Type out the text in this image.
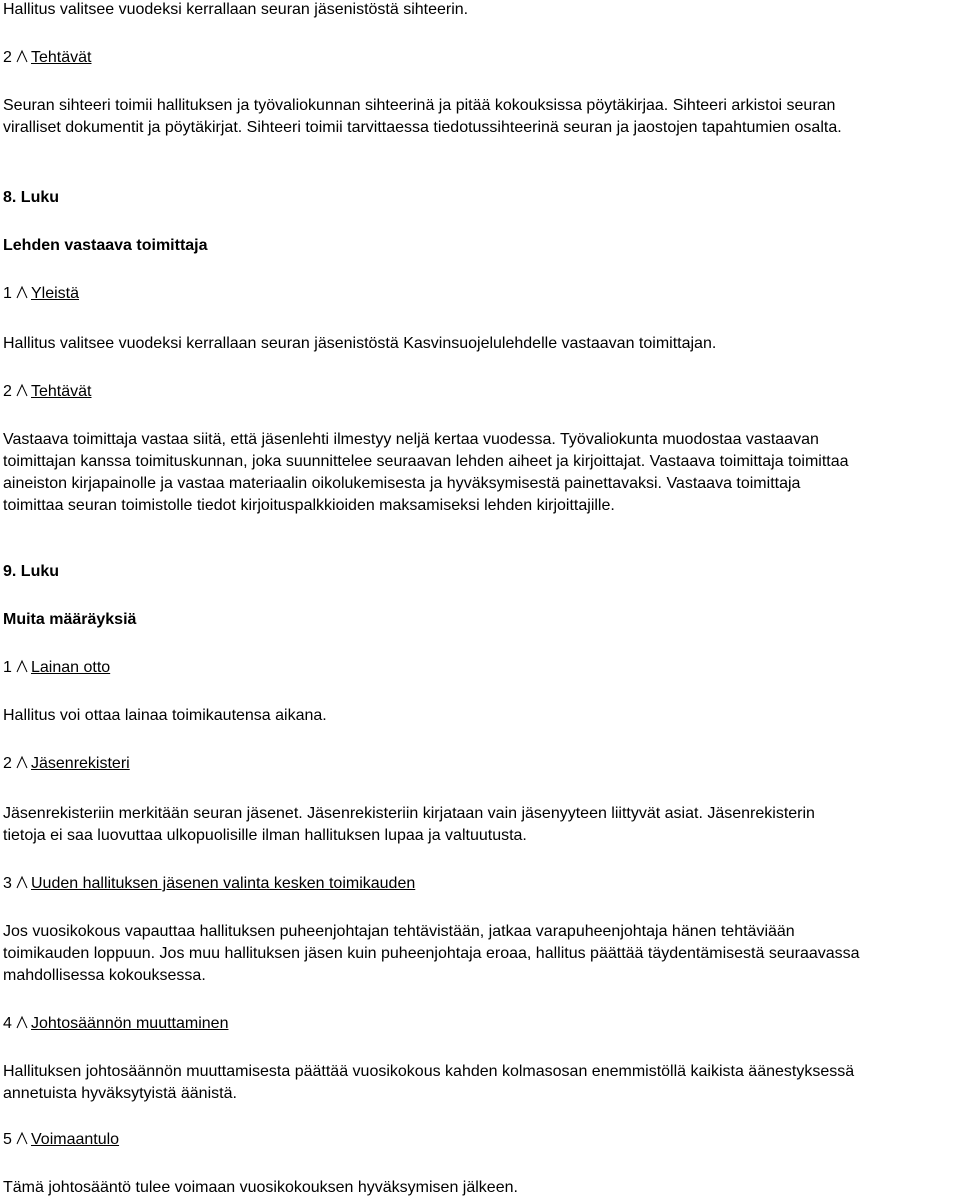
Hallitus valitsee vuodeksi kerrallaan seuran jäsenistöstä sihteerin.
2 Tehtävät
Seuran sihteeri toimii hallituksen ja työvaliokunnan sihteerinä ja pitää kokouksissa pöytäkirjaa. Sihteeri arkistoi seuran
viralliset dokumentit ja pöytäkirjat. Sihteeri toimii tarvittaessa tiedotussihteerinä seuran ja jaostojen tapahtumien osalta.
8. Luku
Lehden vastaava toimittaja
1 Yleistä
Hallitus valitsee vuodeksi kerrallaan seuran jäsenistöstä Kasvinsuojelulehdelle vastaavan toimittajan.
2 Tehtävät
Vastaava toimittaja vastaa siitä, että jäsenlehti ilmestyy neljä kertaa vuodessa. Työvaliokunta muodostaa vastaavan
toimittajan kanssa toimituskunnan, joka suunnittelee seuraavan lehden aiheet ja kirjoittajat. Vastaava toimittaja toimittaa
aineiston kirjapainolle ja vastaa materiaalin oikolukemisesta ja hyväksymisestä painettavaksi. Vastaava toimittaja
toimittaa seuran toimistolle tiedot kirjoituspalkkioiden maksamiseksi lehden kirjoittajille.
9. Luku
Muita määräyksiä
1 Lainan otto
Hallitus voi ottaa lainaa toimikautensa aikana.
2 Jäsenrekisteri
Jäsenrekisteriin merkitään seuran jäsenet. Jäsenrekisteriin kirjataan vain jäsenyyteen liittyvät asiat. Jäsenrekisterin
tietoja ei saa luovuttaa ulkopuolisille ilman hallituksen lupaa ja valtuutusta.
3 Uuden hallituksen jäsenen valinta kesken toimikauden
Jos vuosikokous vapauttaa hallituksen puheenjohtajan tehtävistään, jatkaa varapuheenjohtaja hänen tehtäviään
toimikauden loppuun. Jos muu hallituksen jäsen kuin puheenjohtaja eroaa, hallitus päättää täydentämisestä seuraavassa
mahdollisessa kokouksessa.
4 Johtosäännön muuttaminen
Hallituksen johtosäännön muuttamisesta päättää vuosikokous kahden kolmasosan enemmistöllä kaikista äänestyksessä
annetuista hyväksytyistä äänistä.
5 Voimaantulo
Tämä johtosääntö tulee voimaan vuosikokouksen hyväksymisen jälkeen.
